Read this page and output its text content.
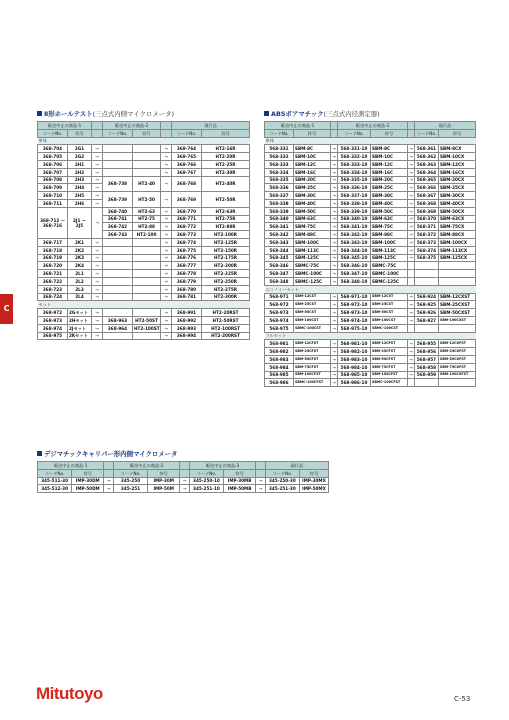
C
Ⅱ形ホールテスト(三点式内側マイクロメータ)
販売中止の商品-1			販売中止の商品-2			現行品	
コードNo.	符号		コードNo.	符号		コードNo.	符号
単体							
368-704	2G1	→			→	368-764	HT2-16R
368-705	2G2	→			→	368-765	HT2-20R
368-706	2H1	→			→	368-766	HT2-25R
368-707	2H2	→			→	368-767	HT2-30R
368-708	2H3	→	368-738	HT2-40	→	368-768	HT2-40R
368-709	2H4	→					
368-710	2H5	→	368-739	HT2-50	→	368-769	HT2-50R
368-711	2H6	→					
368-712 ～ 368-716	2J1 ～ 2J5	→	368-740	HT2-63	→	368-770	HT2-63R
			368-741	HT2-75	→	368-771	HT2-75R
			368-742	HT2-88	→	368-772	HT2-88R
			368-743	HT2-100	→	368-773	HT2-100R
368-717	2K1	→			→	368-774	HT2-125R
368-718	2K2	→			→	368-775	HT2-150R
368-719	2K3	→			→	368-776	HT2-175R
368-720	2K4	→			→	368-777	HT2-200R
368-721	2L1	→			→	368-778	HT2-225R
368-722	2L2	→			→	368-779	HT2-250R
368-723	2L3	→			→	368-780	HT2-275R
368-724	2L4	→			→	368-781	HT2-300R
セット							
368-972	2Gセット	→			→	368-991	HT2-20RST
368-973	2Hセット	→	368-963	HT2-50ST	→	368-992	HT2-50RST
368-974	2Jセット	→	368-964	HT2-100ST	→	368-993	HT2-100RST
368-975	2Kセット	→			→	368-994	HT2-200RST
ABSボアマチック(三点式内径測定器)
販売中止の商品-1			販売中止の商品-2			現行品	
コードNo.	符号		コードNo.	符号		コードNo.	符号
単体							
568-331	SBM-8C	→	568-331-10	SBM-8C	→	568-361	SBM-8CX
568-332	SBM-10C	→	568-332-10	SBM-10C	→	568-362	SBM-10CX
568-333	SBM-12C	→	568-333-10	SBM-12C	→	568-363	SBM-12CX
568-334	SBM-16C	→	568-334-10	SBM-16C	→	568-364	SBM-16CX
568-335	SBM-20C	→	568-335-10	SBM-20C	→	568-365	SBM-20CX
568-336	SBM-25C	→	568-336-10	SBM-25C	→	568-366	SBM-25CX
568-337	SBM-30C	→	568-337-10	SBM-30C	→	568-367	SBM-30CX
568-338	SBM-40C	→	568-338-10	SBM-40C	→	568-368	SBM-40CX
568-339	SBM-50C	→	568-339-10	SBM-50C	→	568-369	SBM-50CX
568-340	SBM-63C	→	568-340-10	SBM-63C	→	568-370	SBM-63CX
568-341	SBM-75C	→	568-341-10	SBM-75C	→	568-371	SBM-75CX
568-342	SBM-88C	→	568-342-10	SBM-88C	→	568-372	SBM-88CX
568-343	SBM-100C	→	568-343-10	SBM-100C	→	568-373	SBM-100CX
568-344	SBM-113C	→	568-344-10	SBM-113C	→	568-374	SBM-113CX
568-345	SBM-125C	→	568-345-10	SBM-125C	→	568-375	SBM-125CX
568-346	SBMC-75C	→	568-346-10	SBMC-75C			
568-347	SBMC-100C	→	568-347-10	SBMC-100C			
568-348	SBMC-125C	→	568-348-10	SBMC-125C			
エコノミーセット							
568-971	SBM-12CST	→	568-971-10	SBM-12CST	→	568-924	SBM-12CXST
568-972	SBM-25CST	→	568-972-10	SBM-25CST	→	568-925	SBM-25CXST
568-973	SBM-50CST	→	568-973-10	SBM-50CST	→	568-926	SBM-50CXST
568-974	SBM-100CST	→	568-974-10	SBM-100CST	→	568-927	SBM-100CXST
568-975	SBMC-100CST	→	568-975-10	SBMC-100CST			
フルセット							
568-981	SBM-12CFST	→	568-981-10	SBM-12CFST	→	568-955	SBM-12CXFST
568-982	SBM-25CFST	→	568-982-10	SBM-25CFST	→	568-956	SBM-25CXFST
568-983	SBM-50CFST	→	568-983-10	SBM-50CFST	→	568-957	SBM-50CXFST
568-984	SBM-75CFST	→	568-984-10	SBM-75CFST	→	568-958	SBM-75CXFST
568-985	SBM-100CFST	→	568-985-10	SBM-100CFST	→	568-959	SBM-100CXFST
568-986	SBMC-100CFST	→	568-986-10	SBMC-100CFST			
デジマチックキャリパー形内側マイクロメータ
販売中止の商品-1			販売中止の商品-2			販売中止の商品-3			現行品	
コードNo.	符号		コードNo.	符号		コードNo.	符号		コードNo.	符号
345-511-30	IMP-30DM	→	345-250	IMP-30M	→	345-250-10	IMP-30MB	→	345-250-30	IMP-30MX
345-512-30	IMP-50DM	→	345-251	IMP-50M	→	345-251-10	IMP-50MB	→	345-251-30	IMP-50MX
Mitutoyo	C-53
